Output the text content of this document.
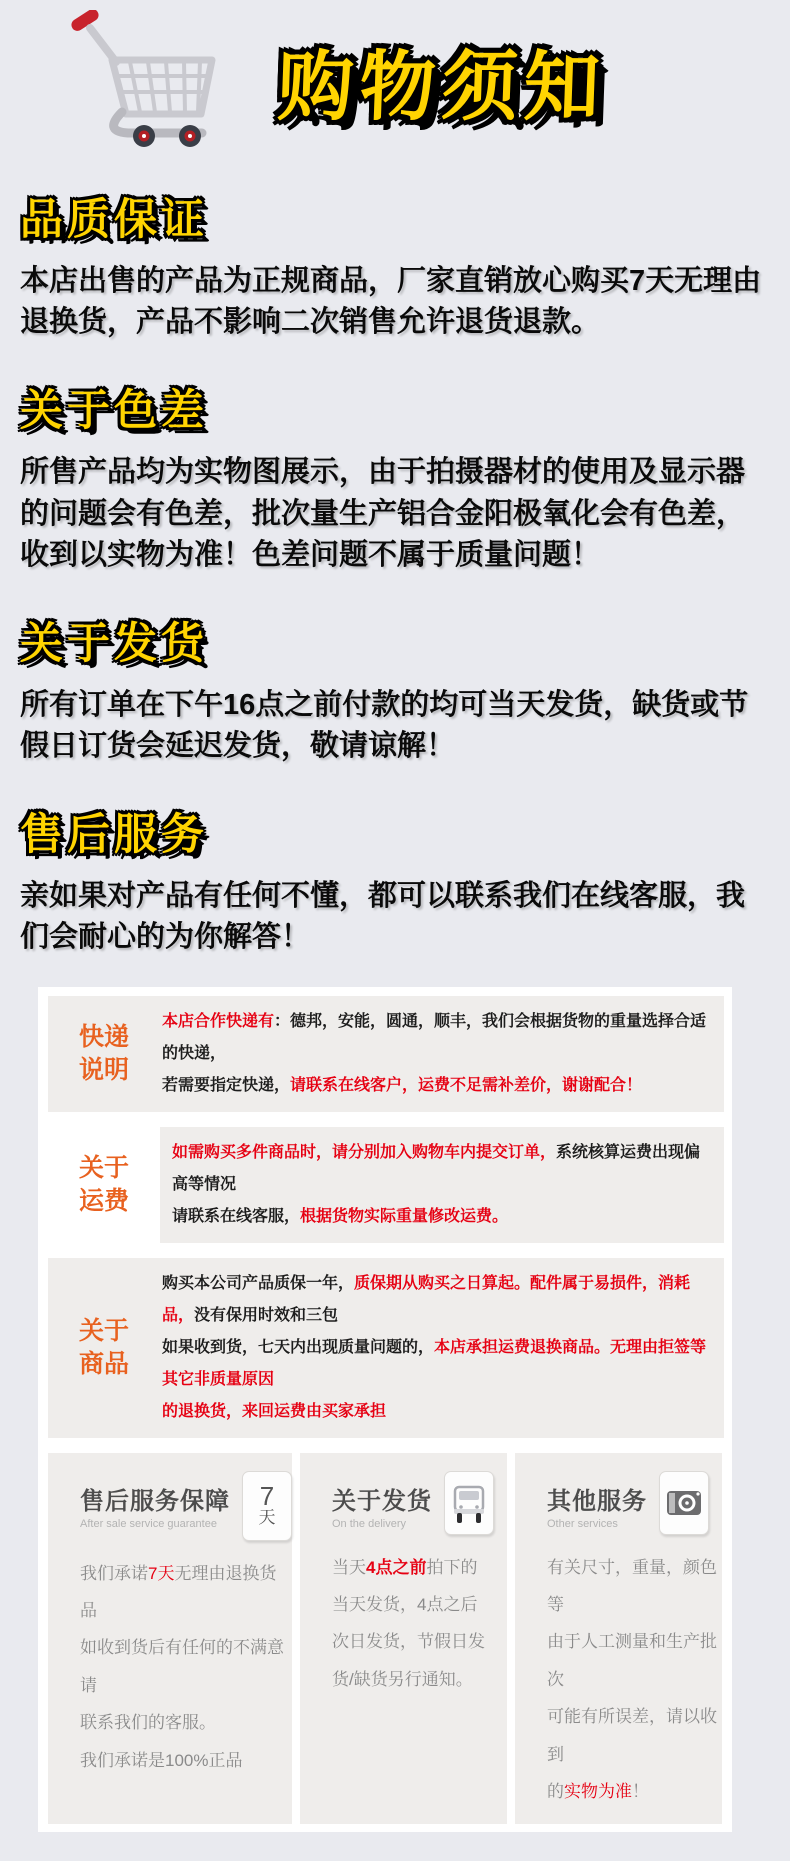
购物须知
品质保证
本店出售的产品为正规商品，厂家直销放心购买7天无理由退换货，产品不影响二次销售允许退货退款。
关于色差
所售产品均为实物图展示，由于拍摄器材的使用及显示器的问题会有色差，批次量生产铝合金阳极氧化会有色差，收到以实物为准！色差问题不属于质量问题！
关于发货
所有订单在下午16点之前付款的均可当天发货，缺货或节假日订货会延迟发货，敬请谅解！
售后服务
亲如果对产品有任何不懂，都可以联系我们在线客服，我们会耐心的为你解答！
快递说明
本店合作快递有：德邦，安能，圆通，顺丰，我们会根据货物的重量选择合适的快递，
若需要指定快递，请联系在线客户，运费不足需补差价，谢谢配合！
关于运费
如需购买多件商品时，请分别加入购物车内提交订单，系统核算运费出现偏高等情况
请联系在线客服，根据货物实际重量修改运费。
关于商品
购买本公司产品质保一年，质保期从购买之日算起。配件属于易损件，消耗品，没有保用时效和三包
如果收到货，七天内出现质量问题的，本店承担运费退换商品。无理由拒签等其它非质量原因
的退换货，来回运费由买家承担
售后服务保障
After sale service guarantee
7
天
我们承诺7天无理由退换货品
如收到货后有任何的不满意请
联系我们的客服。
我们承诺是100%正品
关于发货
On the delivery
当天4点之前拍下的
当天发货，4点之后
次日发货，节假日发
货/缺货另行通知。
其他服务
Other services
有关尺寸，重量，颜色等
由于人工测量和生产批次
可能有所误差，请以收到
的实物为准！
